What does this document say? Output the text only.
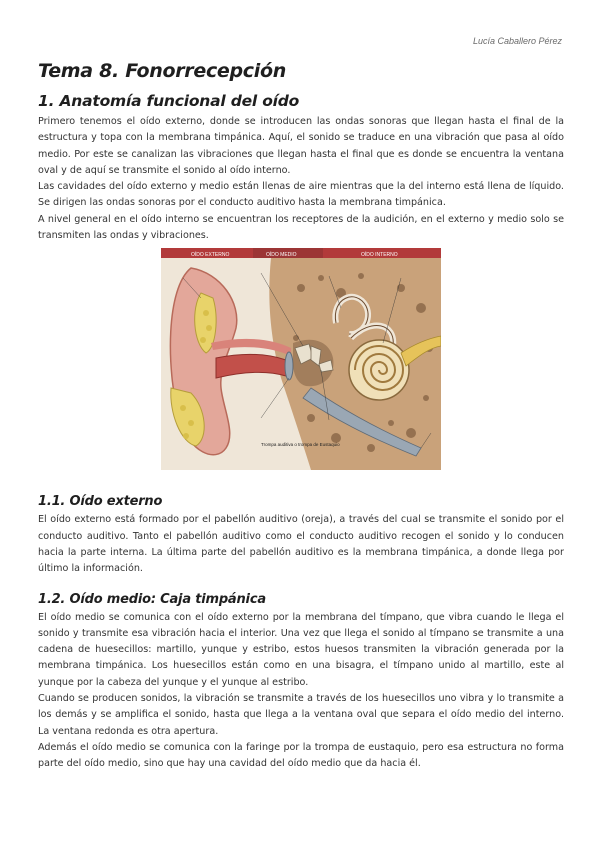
Lucía Caballero Pérez
Tema 8. Fonorrecepción
1. Anatomía funcional del oído

Primero tenemos el oído externo, donde se introducen las ondas sonoras que llegan hasta el final de la estructura y topa con la membrana timpánica. Aquí, el sonido se traduce en una vibración que pasa al oído medio. Por este se canalizan las vibraciones que llegan hasta el final que es donde se encuentra la ventana oval y de aquí se transmite el sonido al oído interno.

Las cavidades del oído externo y medio están llenas de aire mientras que la del interno está llena de líquido. Se dirigen las ondas sonoras por el conducto auditivo hasta la membrana timpánica.

A nivel general en el oído interno se encuentran los receptores de la audición, en el externo y medio solo se transmiten las ondas y vibraciones.

OÍDO EXTERNO	OÍDO MEDIO	OÍDO INTERNO
Trompa auditiva o trompa de Eustaquio
1.1. Oído externo

El oído externo está formado por el pabellón auditivo (oreja), a través del cual se transmite el sonido por el conducto auditivo. Tanto el pabellón auditivo como el conducto auditivo recogen el sonido y lo conducen hacia la parte interna. La última parte del pabellón auditivo es la membrana timpánica, a donde llega por último la información.

1.2. Oído medio: Caja timpánica

El oído medio se comunica con el oído externo por la membrana del tímpano, que vibra cuando le llega el sonido y transmite esa vibración hacia el interior. Una vez que llega el sonido al tímpano se transmite a una cadena de huesecillos: martillo, yunque y estribo, estos huesos transmiten la vibración generada por la membrana timpánica. Los huesecillos están como en una bisagra, el tímpano unido al martillo, este al yunque por la cabeza del yunque y el yunque al estribo.

Cuando se producen sonidos, la vibración se transmite a través de los huesecillos uno vibra y lo transmite a los demás y se amplifica el sonido, hasta que llega a la ventana oval que separa el oído medio del interno. La ventana redonda es otra apertura.

Además el oído medio se comunica con la faringe por la trompa de eustaquio, pero esa estructura no forma parte del oído medio, sino que hay una cavidad del oído medio que da hacia él.
